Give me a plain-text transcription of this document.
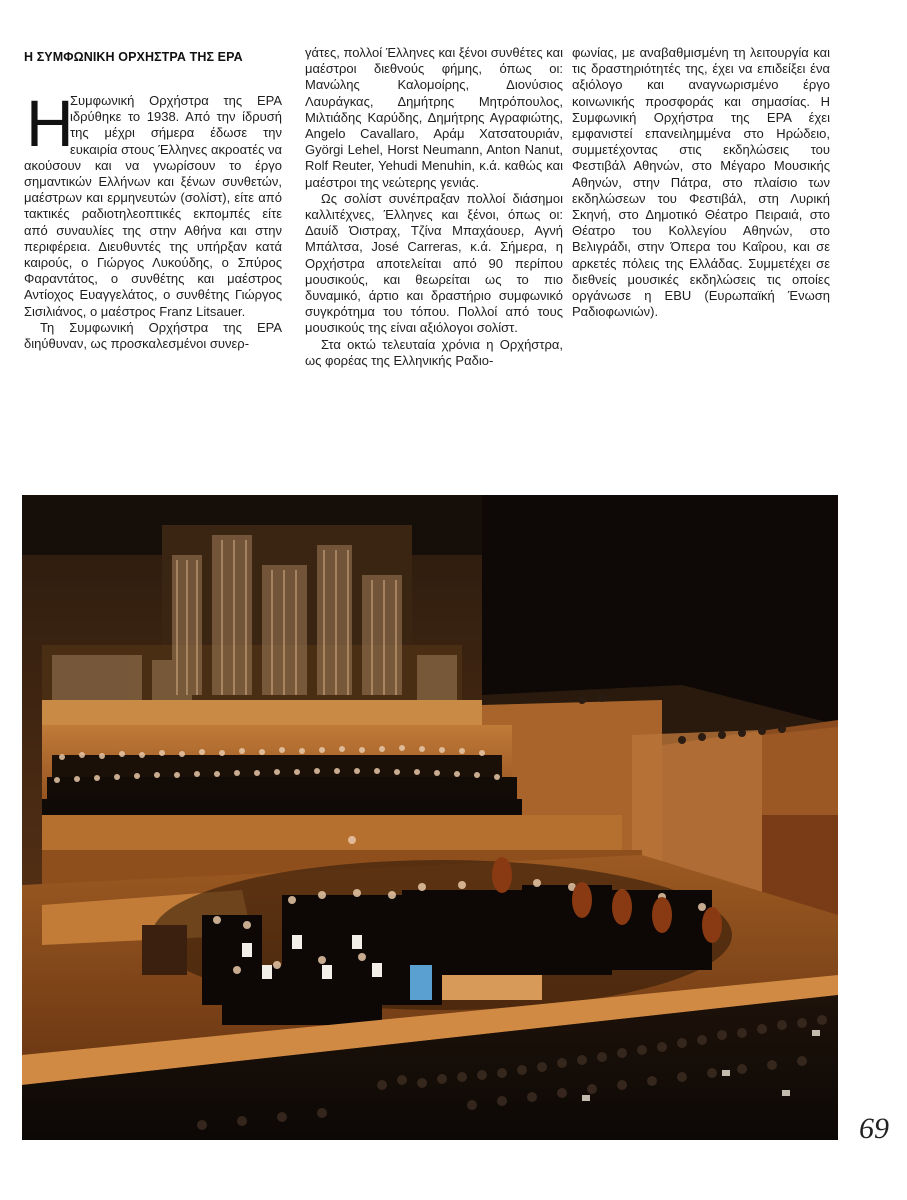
Η ΣΥΜΦΩΝΙΚΗ ΟΡΧΗΣΤΡΑ ΤΗΣ ΕΡΑ

Η
Συμφωνική Ορχήστρα της ΕΡΑ ιδρύθηκε το 1938. Από την ίδρυσή της μέχρι σήμερα έδωσε την ευκαιρία στους Έλληνες ακροατές να ακούσουν και να γνωρίσουν το έργο σημαντικών Ελλήνων και ξένων συνθετών, μαέστρων και ερμηνευτών (σολίστ), είτε από τακτικές ραδιοτηλεοπτικές εκπομπές είτε από συναυλίες της στην Αθήνα και στην περιφέρεια. Διευθυντές της υπήρξαν κατά καιρούς, ο Γιώργος Λυκούδης, ο Σπύρος Φαραντάτος, ο συνθέτης και μαέστρος Αντίοχος Ευαγγελάτος, ο συνθέτης Γιώργος Σισιλιάνος, ο μαέστρος Franz Litsauer.

Τη Συμφωνική Ορχήστρα της ΕΡΑ διηύθυναν, ως προσκαλεσμένοι συνερ-

γάτες, πολλοί Έλληνες και ξένοι συνθέτες και μαέστροι διεθνούς φήμης, όπως οι: Μανώλης Καλομοίρης, Διονύσιος Λαυράγκας, Δημήτρης Μητρόπουλος, Μιλτιάδης Καρύδης, Δημήτρης Αγραφιώτης, Angelo Cavallaro, Αράμ Χατσατουριάν, Györgi Lehel, Horst Neumann, Anton Nanut, Rolf Reuter, Yehudi Menuhin, κ.ά. καθώς και μαέστροι της νεώτερης γενιάς.

Ως σολίστ συνέπραξαν πολλοί διάσημοι καλλιτέχνες, Έλληνες και ξένοι, όπως οι: Δαυίδ Όιστραχ, Τζίνα Μπαχάουερ, Αγνή Μπάλτσα, José Carreras, κ.ά. Σήμερα, η Ορχήστρα αποτελείται από 90 περίπου μουσικούς, και θεωρείται ως το πιο δυναμικό, άρτιο και δραστήριο συμφωνικό συγκρότημα του τόπου. Πολλοί από τους μουσικούς της είναι αξιόλογοι σολίστ.

Στα οκτώ τελευταία χρόνια η Ορχήστρα, ως φορέας της Ελληνικής Ραδιο-

φωνίας, με αναβαθμισμένη τη λειτουργία και τις δραστηριότητές της, έχει να επιδείξει ένα αξιόλογο και αναγνωρισμένο έργο κοινωνικής προσφοράς και σημασίας. Η Συμφωνική Ορχήστρα της ΕΡΑ έχει εμφανιστεί επανειλημμένα στο Ηρώδειο, συμμετέχοντας στις εκδηλώσεις του Φεστιβάλ Αθηνών, στο Μέγαρο Μουσικής Αθηνών, στην Πάτρα, στο πλαίσιο των εκδηλώσεων του Φεστιβάλ, στη Λυρική Σκηνή, στο Δημοτικό Θέατρο Πειραιά, στο Θέατρο του Κολλεγίου Αθηνών, στο Βελιγράδι, στην Όπερα του Καΐρου, και σε αρκετές πόλεις της Ελλάδας. Συμμετέχει σε διεθνείς μουσικές εκδηλώσεις τις οποίες οργάνωσε η EBU (Ευρωπαϊκή Ένωση Ραδιοφωνιών).

69
